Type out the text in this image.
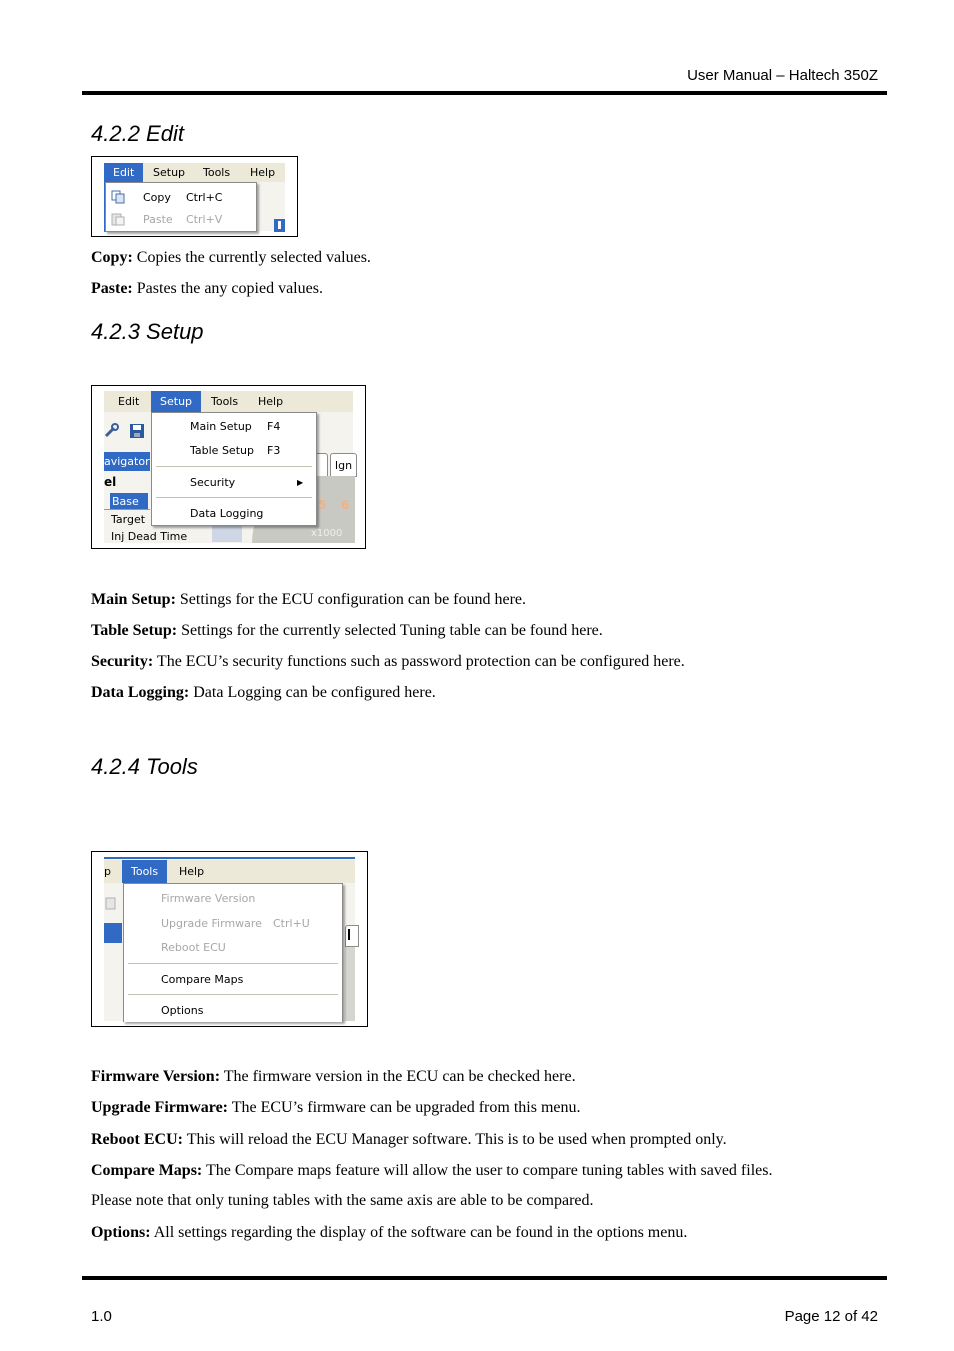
User Manual – Haltech 350Z
4.2.2 Edit
Edit	Setup	Tools	Help
Copy Ctrl+C
Paste Ctrl+V
Copy: Copies the currently selected values.
Paste: Pastes the any copied values.
4.2.3 Setup
Edit	Setup	Tools	Help
avigator
el
Base
Target
Inj Dead Time
Ign
5 6
x1000
Main Setup F4
Table Setup F3
Security	▶
Data Logging
Main Setup: Settings for the ECU configuration can be found here.
Table Setup: Settings for the currently selected Tuning table can be found here.
Security: The ECU’s security functions such as password protection can be configured here.
Data Logging: Data Logging can be configured here.
4.2.4 Tools
p	Tools	Help
Firmware Version
Upgrade Firmware Ctrl+U
Reboot ECU
Compare Maps
Options
Firmware Version: The firmware version in the ECU can be checked here.
Upgrade Firmware: The ECU’s firmware can be upgraded from this menu.
Reboot ECU: This will reload the ECU Manager software. This is to be used when prompted only.
Compare Maps: The Compare maps feature will allow the user to compare tuning tables with saved files.
Please note that only tuning tables with the same axis are able to be compared.
Options: All settings regarding the display of the software can be found in the options menu.
1.0	Page 12 of 42
